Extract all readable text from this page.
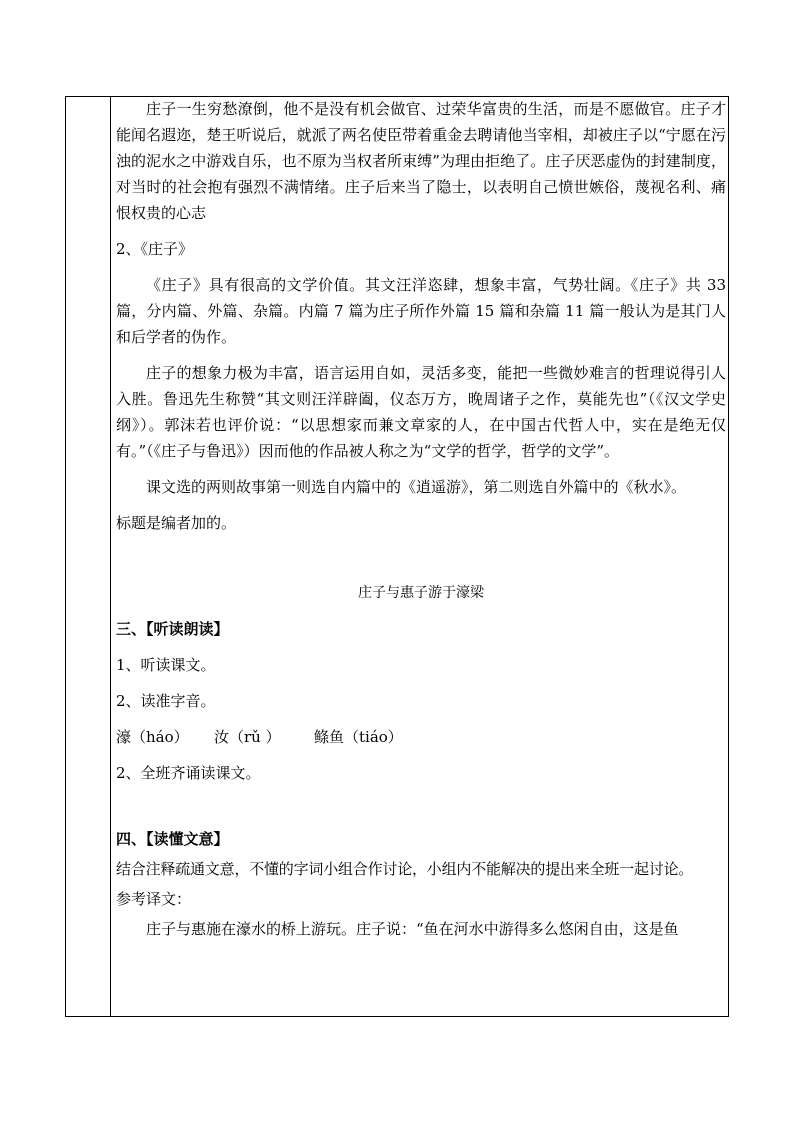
庄子一生穷愁潦倒，他不是没有机会做官、过荣华富贵的生活，而是不愿做官。庄子才能闻名遐迩，楚王听说后，就派了两名使臣带着重金去聘请他当宰相，却被庄子以“宁愿在污浊的泥水之中游戏自乐，也不原为当权者所束缚”为理由拒绝了。庄子厌恶虚伪的封建制度，对当时的社会抱有强烈不满情绪。庄子后来当了隐士，以表明自己愤世嫉俗，蔑视名利、痛恨权贵的心志

2、《庄子》

《庄子》具有很高的文学价值。其文汪洋恣肆，想象丰富，气势壮阔。《庄子》共 33 篇，分内篇、外篇、杂篇。内篇 7 篇为庄子所作外篇 15 篇和杂篇 11 篇一般认为是其门人和后学者的伪作。

庄子的想象力极为丰富，语言运用自如，灵活多变，能把一些微妙难言的哲理说得引人入胜。鲁迅先生称赞“其文则汪洋辟阖，仪态万方，晚周诸子之作，莫能先也”（《汉文学史纲》）。郭沫若也评价说：“以思想家而兼文章家的人，在中国古代哲人中，实在是绝无仅有。”（《庄子与鲁迅》）因而他的作品被人称之为“文学的哲学，哲学的文学”。

课文选的两则故事第一则选自内篇中的《逍遥游》，第二则选自外篇中的《秋水》。

标题是编者加的。

庄子与惠子游于濠梁

三、【听读朗读】

1、听读课文。

2、读准字音。

濠（háo）	汝（rǔ ）	鲦鱼（tiáo）

2、全班齐诵读课文。

四、【读懂文意】

结合注释疏通文意，不懂的字词小组合作讨论，小组内不能解决的提出来全班一起讨论。

参考译文：

庄子与惠施在濠水的桥上游玩。庄子说：“鱼在河水中游得多么悠闲自由，这是鱼
